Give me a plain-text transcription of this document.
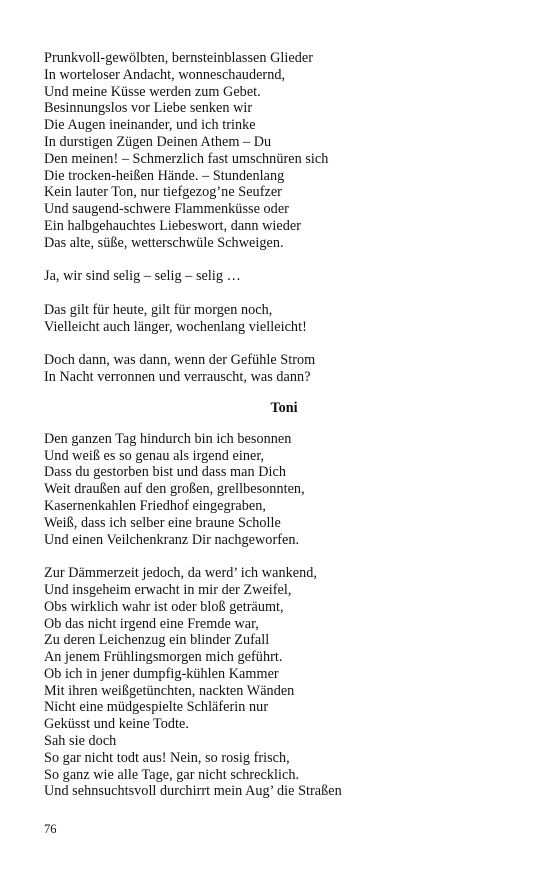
Prunkvoll-gewölbten, bernsteinblassen Glieder
In worteloser Andacht, wonneschaudernd,
Und meine Küsse werden zum Gebet.
Besinnungslos vor Liebe senken wir
Die Augen ineinander, und ich trinke
In durstigen Zügen Deinen Athem – Du
Den meinen! – Schmerzlich fast umschnüren sich
Die trocken-heißen Hände. – Stundenlang
Kein lauter Ton, nur tiefgezog’ne Seufzer
Und saugend-schwere Flammenküsse oder
Ein halbgehauchtes Liebeswort, dann wieder
Das alte, süße, wetterschwüle Schweigen.
Ja, wir sind selig – selig – selig …
Das gilt für heute, gilt für morgen noch,
Vielleicht auch länger, wochenlang vielleicht!
Doch dann, was dann, wenn der Gefühle Strom
In Nacht verronnen und verrauscht, was dann?
Toni
Den ganzen Tag hindurch bin ich besonnen
Und weiß es so genau als irgend einer,
Dass du gestorben bist und dass man Dich
Weit draußen auf den großen, grellbesonnten,
Kasernenkahlen Friedhof eingegraben,
Weiß, dass ich selber eine braune Scholle
Und einen Veilchenkranz Dir nachgeworfen.
Zur Dämmerzeit jedoch, da werd’ ich wankend,
Und insgeheim erwacht in mir der Zweifel,
Obs wirklich wahr ist oder bloß geträumt,
Ob das nicht irgend eine Fremde war,
Zu deren Leichenzug ein blinder Zufall
An jenem Frühlingsmorgen mich geführt.
Ob ich in jener dumpfig-kühlen Kammer
Mit ihren weißgetünchten, nackten Wänden
Nicht eine müdgespielte Schläferin nur
Geküsst und keine Todte.
Sah sie doch
So gar nicht todt aus! Nein, so rosig frisch,
So ganz wie alle Tage, gar nicht schrecklich.
Und sehnsuchtsvoll durchirrt mein Aug’ die Straßen
76
